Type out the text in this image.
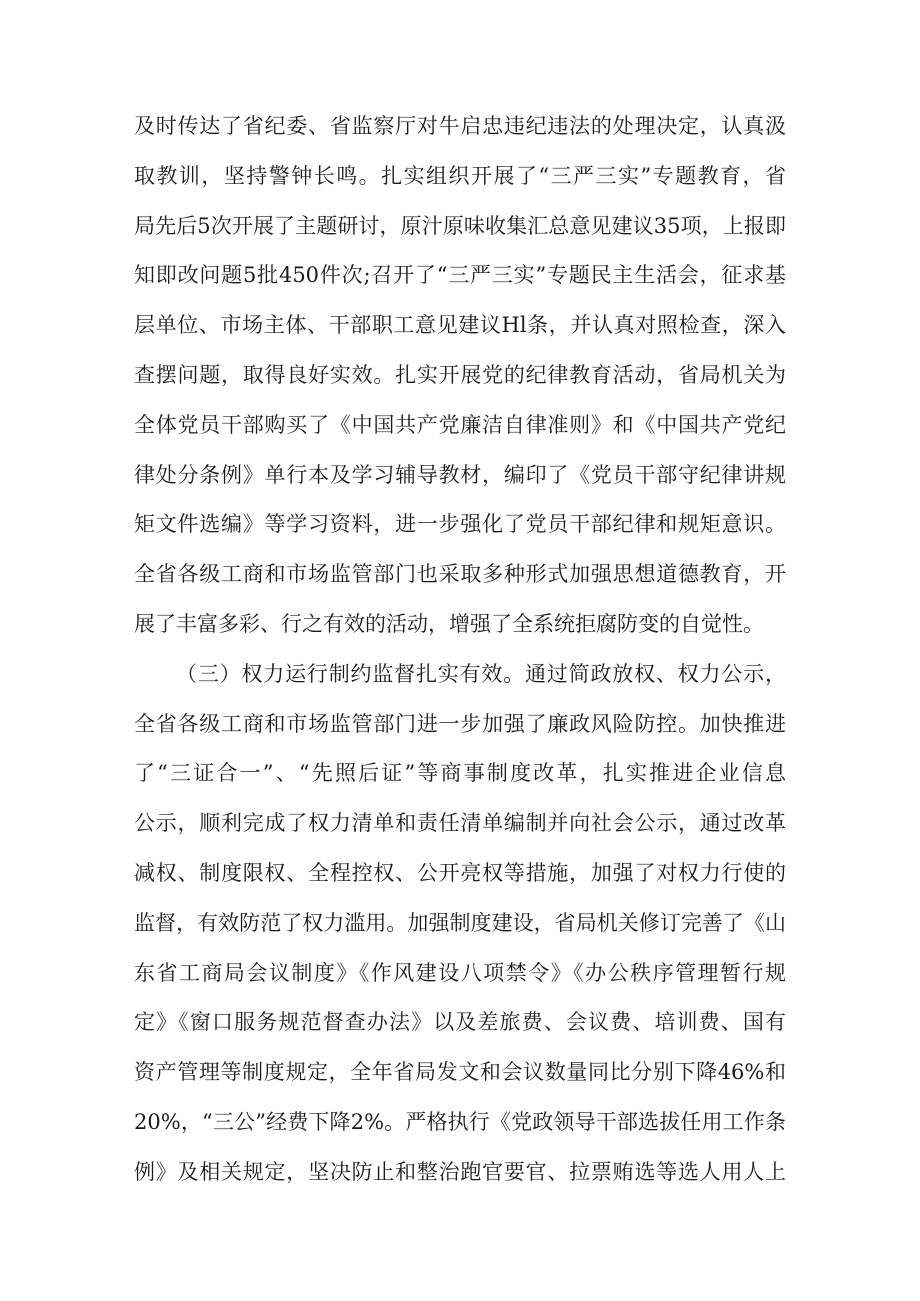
及时传达了省纪委、省监察厅对牛启忠违纪违法的处理决定，认真汲
取教训，坚持警钟长鸣。扎实组织开展了“三严三实”专题教育，省
局先后5次开展了主题研讨，原汁原味收集汇总意见建议35项，上报即
知即改问题5批450件次;召开了“三严三实”专题民主生活会，征求基
层单位、市场主体、干部职工意见建议Hl条，并认真对照检查，深入
查摆问题，取得良好实效。扎实开展党的纪律教育活动，省局机关为
全体党员干部购买了《中国共产党廉洁自律准则》和《中国共产党纪
律处分条例》单行本及学习辅导教材，编印了《党员干部守纪律讲规
矩文件选编》等学习资料，进一步强化了党员干部纪律和规矩意识。
全省各级工商和市场监管部门也采取多种形式加强思想道德教育，开
展了丰富多彩、行之有效的活动，增强了全系统拒腐防变的自觉性。
（三）权力运行制约监督扎实有效。通过简政放权、权力公示，
全省各级工商和市场监管部门进一步加强了廉政风险防控。加快推进
了“三证合一”、“先照后证”等商事制度改革，扎实推进企业信息
公示，顺利完成了权力清单和责任清单编制并向社会公示，通过改革
减权、制度限权、全程控权、公开亮权等措施，加强了对权力行使的
监督，有效防范了权力滥用。加强制度建设，省局机关修订完善了《山
东省工商局会议制度》《作风建设八项禁令》《办公秩序管理暂行规
定》《窗口服务规范督查办法》以及差旅费、会议费、培训费、国有
资产管理等制度规定，全年省局发文和会议数量同比分别下降46%和
20%，“三公”经费下降2%。严格执行《党政领导干部选拔任用工作条
例》及相关规定，坚决防止和整治跑官要官、拉票贿选等选人用人上
